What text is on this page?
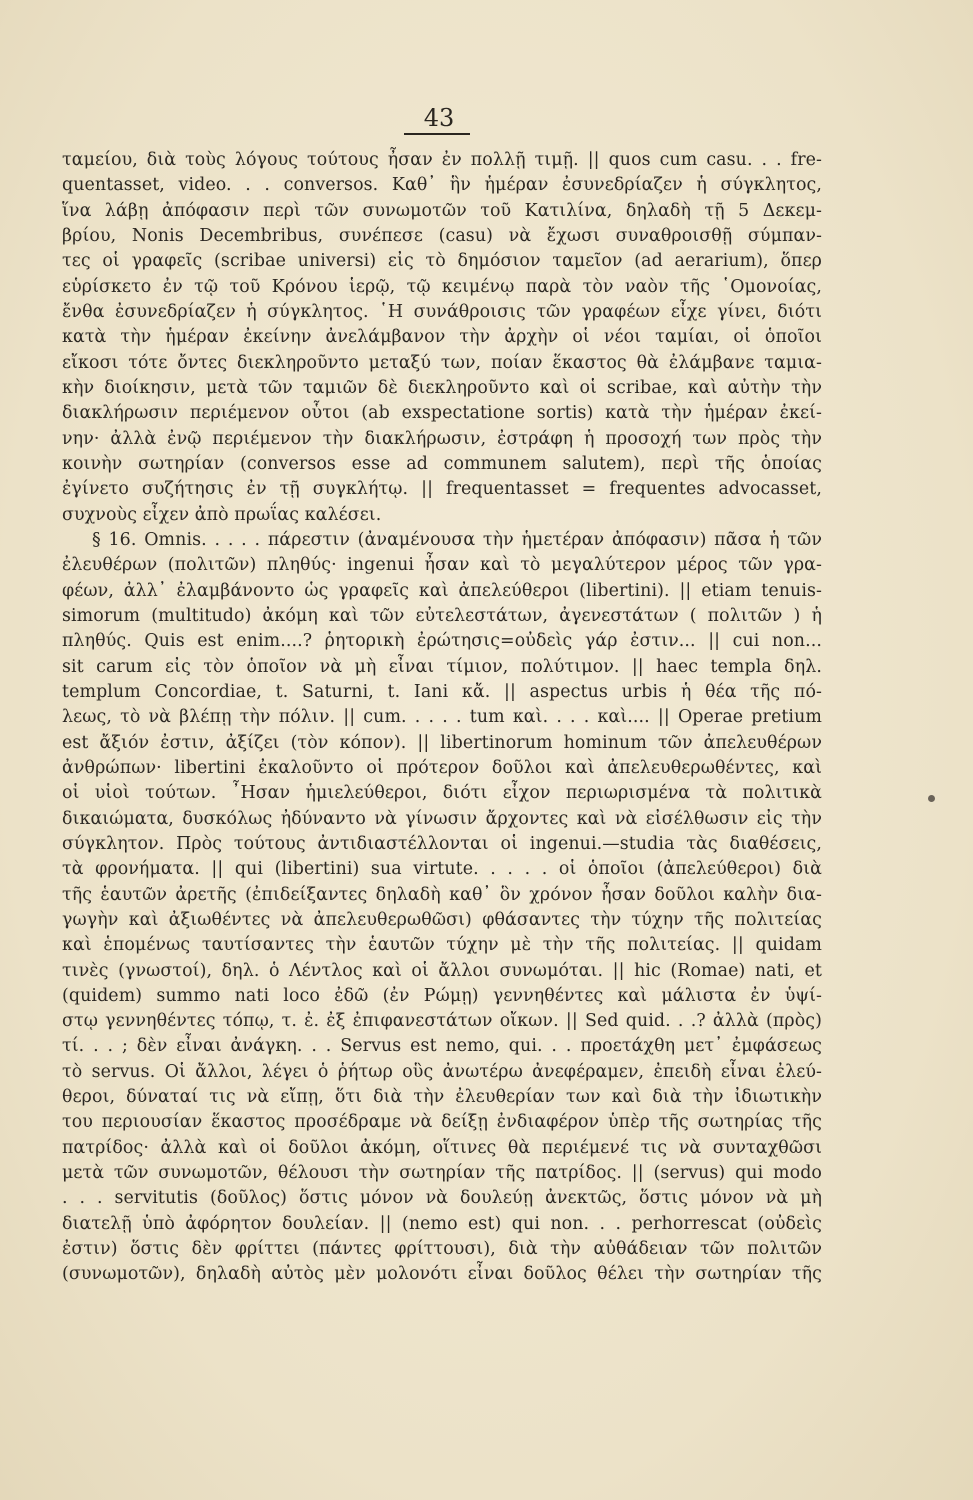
43
ταμείου, διὰ τοὺς λόγους τούτους ἦσαν ἐν πολλῇ τιμῇ. || quos cum casu. . . fre-
quentasset, video. . . conversos. Καθ᾽ ἣν ἡμέραν ἐσυνεδρίαζεν ἡ σύγκλητος,
ἵνα λάβῃ ἀπόφασιν περὶ τῶν συνωμοτῶν τοῦ Κατιλίνα, δηλαδὴ τῇ 5 Δεκεμ-
βρίου, Nonis Decembribus, συνέπεσε (casu) νὰ ἔχωσι συναθροισθῇ σύμπαν-
τες οἱ γραφεῖς (scribae universi) εἰς τὸ δημόσιον ταμεῖον (ad aerarium), ὅπερ
εὑρίσκετο ἐν τῷ τοῦ Κρόνου ἱερῷ, τῷ κειμένῳ παρὰ τὸν ναὸν τῆς ῾Ομονοίας,
ἔνθα ἐσυνεδρίαζεν ἡ σύγκλητος. ῾Η συνάθροισις τῶν γραφέων εἶχε γίνει, διότι
κατὰ τὴν ἡμέραν ἐκείνην ἀνελάμβανον τὴν ἀρχὴν οἱ νέοι ταμίαι, οἱ ὁποῖοι
εἴκοσι τότε ὄντες διεκληροῦντο μεταξύ των, ποίαν ἕκαστος θὰ ἐλάμβανε ταμια-
κὴν διοίκησιν, μετὰ τῶν ταμιῶν δὲ διεκληροῦντο καὶ οἱ scribae, καὶ αὐτὴν τὴν
διακλήρωσιν περιέμενον οὗτοι (ab exspectatione sortis) κατὰ τὴν ἡμέραν ἐκεί-
νην· ἀλλὰ ἐνῷ περιέμενον τὴν διακλήρωσιν, ἐστράφη ἡ προσοχή των πρὸς τὴν
κοινὴν σωτηρίαν (conversos esse ad communem salutem), περὶ τῆς ὁποίας
ἐγίνετο συζήτησις ἐν τῇ συγκλήτῳ. || frequentasset = frequentes advocasset,
συχνοὺς εἶχεν ἀπὸ πρωΐας καλέσει.
§ 16. Omnis. . . . . πάρεστιν (ἀναμένουσα τὴν ἡμετέραν ἀπόφασιν) πᾶσα ἡ τῶν
ἐλευθέρων (πολιτῶν) πληθύς· ingenui ἦσαν καὶ τὸ μεγαλύτερον μέρος τῶν γρα-
φέων, ἀλλ᾽ ἐλαμβάνοντο ὡς γραφεῖς καὶ ἀπελεύθεροι (libertini). || etiam tenuis-
simorum (multitudo) ἀκόμη καὶ τῶν εὐτελεστάτων, ἀγενεστάτων ( πολιτῶν ) ἡ
πληθύς. Quis est enim....? ῥητορικὴ ἐρώτησις=οὐδεὶς γάρ ἐστιν... || cui non...
sit carum εἰς τὸν ὁποῖον νὰ μὴ εἶναι τίμιον, πολύτιμον. || haec templa δηλ.
templum Concordiae, t. Saturni, t. Iani κἄ. || aspectus urbis ἡ θέα τῆς πό-
λεως, τὸ νὰ βλέπῃ τὴν πόλιν. || cum. . . . . tum καὶ. . . . καὶ.... || Operae pretium
est ἄξιόν ἐστιν, ἀξίζει (τὸν κόπον). || libertinorum hominum τῶν ἀπελευθέρων
ἀνθρώπων· libertini ἐκαλοῦντο οἱ πρότερον δοῦλοι καὶ ἀπελευθερωθέντες, καὶ
οἱ υἱοὶ τούτων. ῏Ησαν ἡμιελεύθεροι, διότι εἶχον περιωρισμένα τὰ πολιτικὰ
δικαιώματα, δυσκόλως ἠδύναντο νὰ γίνωσιν ἄρχοντες καὶ νὰ εἰσέλθωσιν εἰς τὴν
σύγκλητον. Πρὸς τούτους ἀντιδιαστέλλονται οἱ ingenui.—studia τὰς διαθέσεις,
τὰ φρονήματα. || qui (libertini) sua virtute. . . . . οἱ ὁποῖοι (ἀπελεύθεροι) διὰ
τῆς ἑαυτῶν ἀρετῆς (ἐπιδείξαντες δηλαδὴ καθ᾽ ὃν χρόνον ἦσαν δοῦλοι καλὴν δια-
γωγὴν καὶ ἀξιωθέντες νὰ ἀπελευθερωθῶσι) φθάσαντες τὴν τύχην τῆς πολιτείας
καὶ ἑπομένως ταυτίσαντες τὴν ἑαυτῶν τύχην μὲ τὴν τῆς πολιτείας. || quidam
τινὲς (γνωστοί), δηλ. ὁ Λέντλος καὶ οἱ ἄλλοι συνωμόται. || hic (Romae) nati, et
(quidem) summo nati loco ἐδῶ (ἐν Ρώμῃ) γεννηθέντες καὶ μάλιστα ἐν ὑψί-
στῳ γεννηθέντες τόπῳ, τ. ἐ. ἐξ ἐπιφανεστάτων οἴκων. || Sed quid. . .? ἀλλὰ (πρὸς)
τί. . . ; δὲν εἶναι ἀνάγκη. . . Servus est nemo, qui. . . προετάχθη μετ᾽ ἐμφάσεως
τὸ servus. Οἱ ἄλλοι, λέγει ὁ ῥήτωρ οὓς ἀνωτέρω ἀνεφέραμεν, ἐπειδὴ εἶναι ἐλεύ-
θεροι, δύναταί τις νὰ εἴπῃ, ὅτι διὰ τὴν ἐλευθερίαν των καὶ διὰ τὴν ἰδιωτικὴν
του περιουσίαν ἕκαστος προσέδραμε νὰ δείξῃ ἐνδιαφέρον ὑπὲρ τῆς σωτηρίας τῆς
πατρίδος· ἀλλὰ καὶ οἱ δοῦλοι ἀκόμη, οἵτινες θὰ περιέμενέ τις νὰ συνταχθῶσι
μετὰ τῶν συνωμοτῶν, θέλουσι τὴν σωτηρίαν τῆς πατρίδος. || (servus) qui modo
. . . servitutis (δοῦλος) ὅστις μόνον νὰ δουλεύῃ ἀνεκτῶς, ὅστις μόνον νὰ μὴ
διατελῇ ὑπὸ ἀφόρητον δουλείαν. || (nemo est) qui non. . . perhorrescat (οὐδεὶς
ἐστιν) ὅστις δὲν φρίττει (πάντες φρίττουσι), διὰ τὴν αὐθάδειαν τῶν πολιτῶν
(συνωμοτῶν), δηλαδὴ αὐτὸς μὲν μολονότι εἶναι δοῦλος θέλει τὴν σωτηρίαν τῆς
